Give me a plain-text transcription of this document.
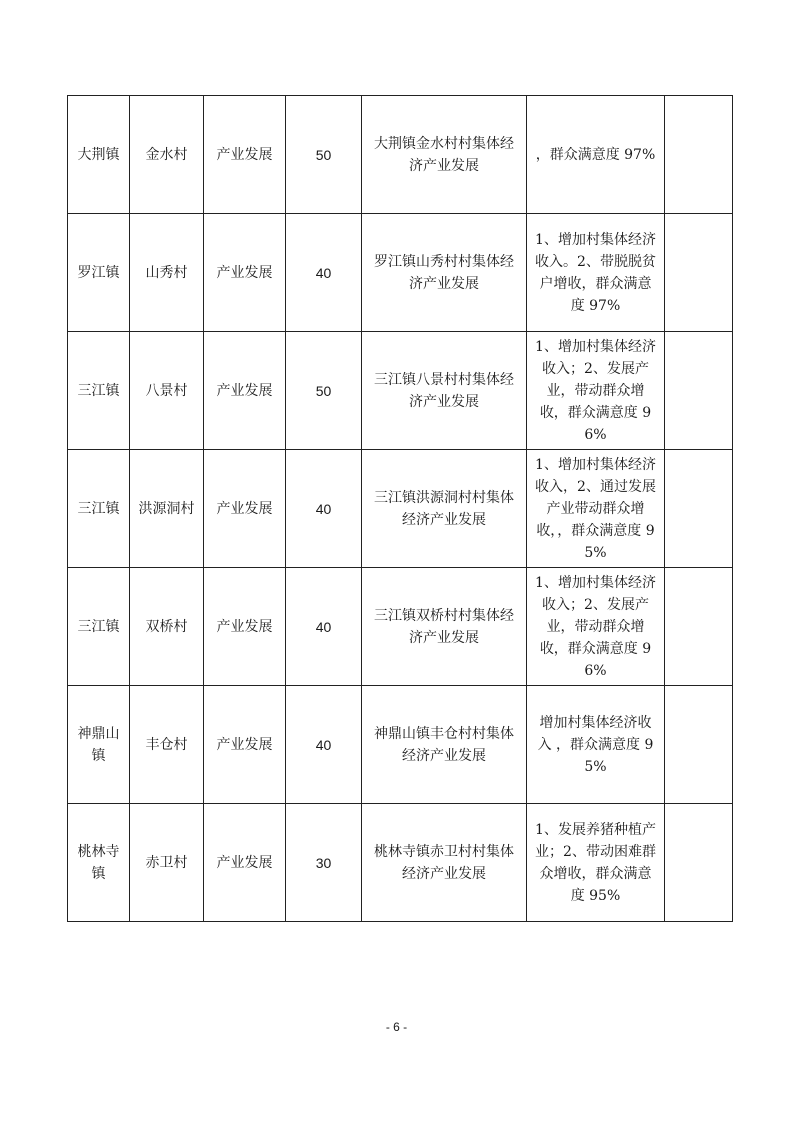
大荆镇	金水村	产业发展	50	大荆镇金水村村集体经济产业发展	，群众满意度 97%	
罗江镇	山秀村	产业发展	40	罗江镇山秀村村集体经济产业发展	1、增加村集体经济收入。2、带脱脱贫户增收，群众满意度 97%	
三江镇	八景村	产业发展	50	三江镇八景村村集体经济产业发展	1、增加村集体经济收入；2、发展产业，带动群众增收，群众满意度 96%	
三江镇	洪源洞村	产业发展	40	三江镇洪源洞村村集体经济产业发展	1、增加村集体经济收入，2、通过发展产业带动群众增收，，群众满意度 95%	
三江镇	双桥村	产业发展	40	三江镇双桥村村集体经济产业发展	1、增加村集体经济收入；2、发展产业，带动群众增收，群众满意度 96%	
神鼎山镇	丰仓村	产业发展	40	神鼎山镇丰仓村村集体经济产业发展	增加村集体经济收入 ，群众满意度 95%	
桃林寺镇	赤卫村	产业发展	30	桃林寺镇赤卫村村集体经济产业发展	1、发展养猪种植产业；2、带动困难群众增收，群众满意度 95%	
- 6 -
